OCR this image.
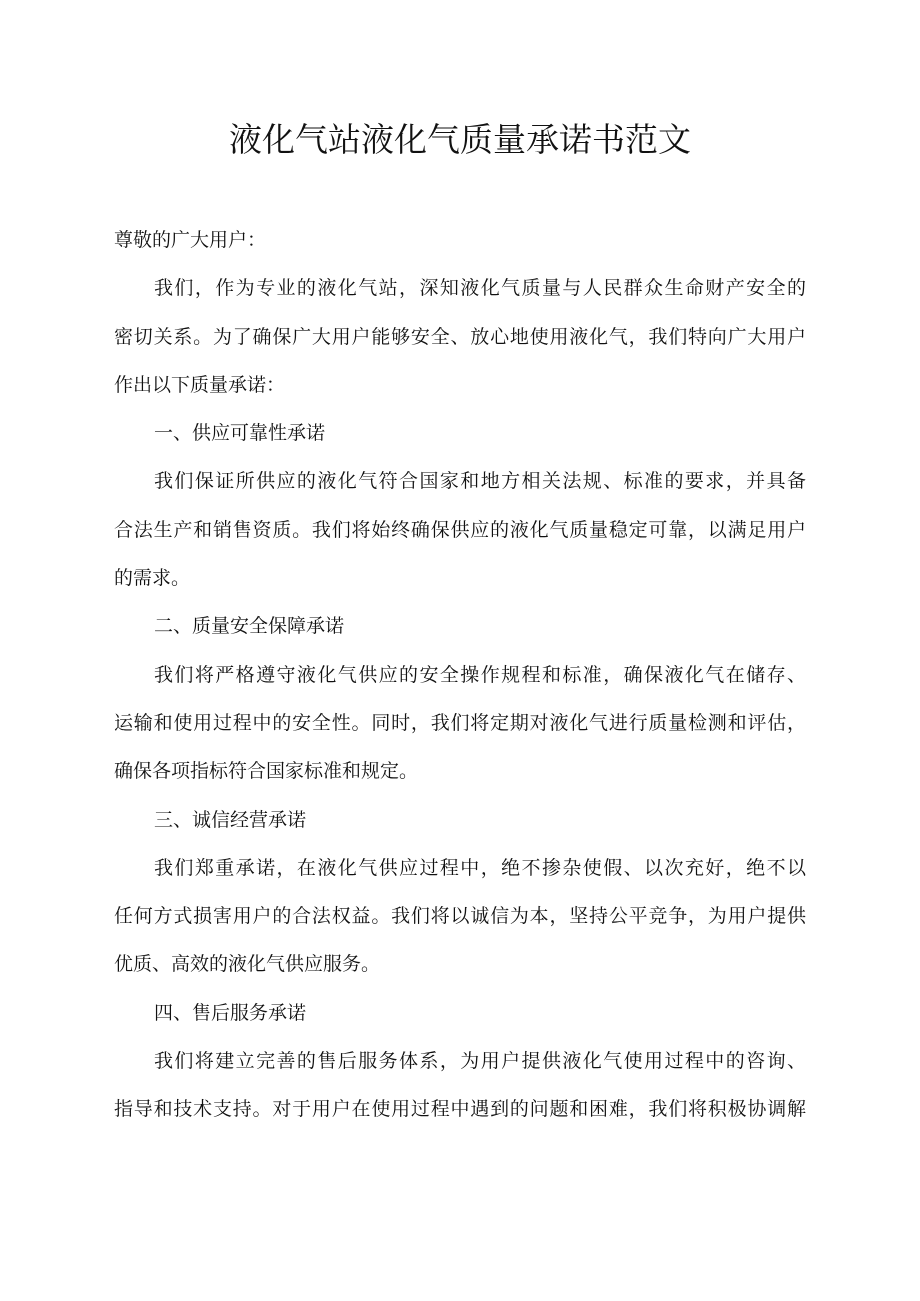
液化气站液化气质量承诺书范文
尊敬的广大用户：
我们，作为专业的液化气站，深知液化气质量与人民群众生命财产安全的
密切关系。为了确保广大用户能够安全、放心地使用液化气，我们特向广大用户
作出以下质量承诺：
一、供应可靠性承诺
我们保证所供应的液化气符合国家和地方相关法规、标准的要求，并具备
合法生产和销售资质。我们将始终确保供应的液化气质量稳定可靠，以满足用户
的需求。
二、质量安全保障承诺
我们将严格遵守液化气供应的安全操作规程和标准，确保液化气在储存、
运输和使用过程中的安全性。同时，我们将定期对液化气进行质量检测和评估，
确保各项指标符合国家标准和规定。
三、诚信经营承诺
我们郑重承诺，在液化气供应过程中，绝不掺杂使假、以次充好，绝不以
任何方式损害用户的合法权益。我们将以诚信为本，坚持公平竞争，为用户提供
优质、高效的液化气供应服务。
四、售后服务承诺
我们将建立完善的售后服务体系，为用户提供液化气使用过程中的咨询、
指导和技术支持。对于用户在使用过程中遇到的问题和困难，我们将积极协调解
